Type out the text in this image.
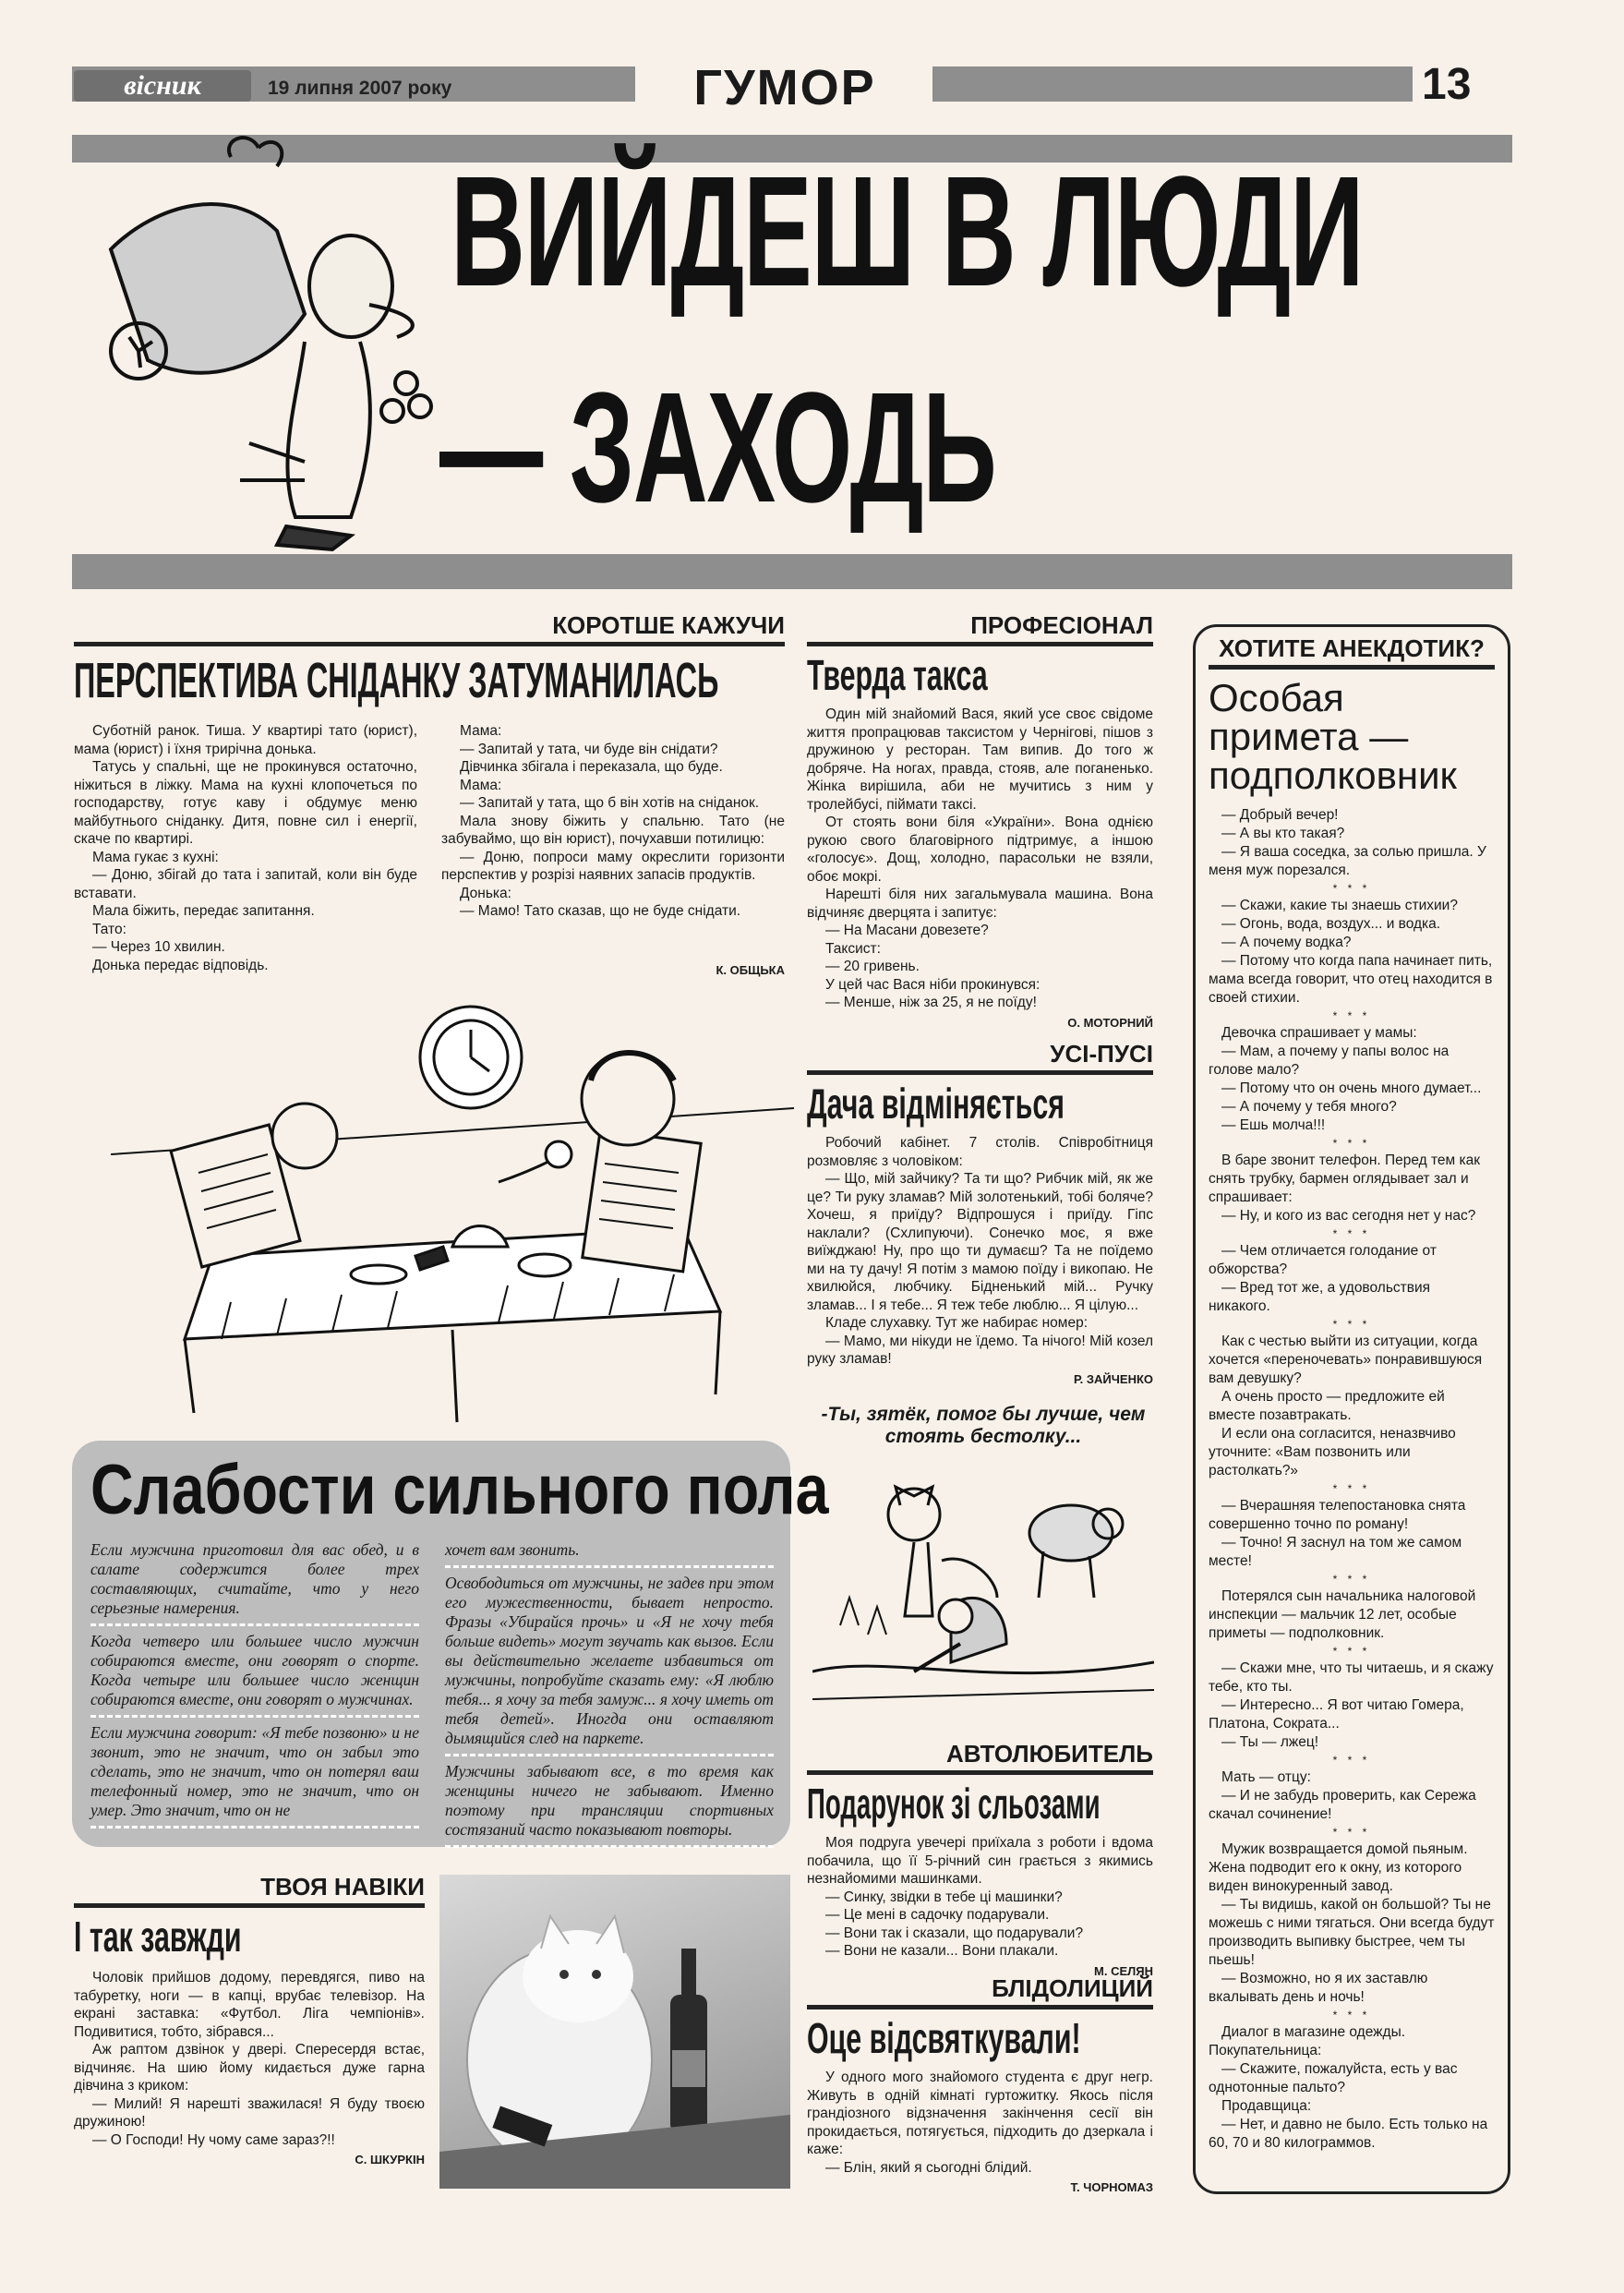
вісник	19 липня 2007 року	ГУМОР	13
ВИЙДЕШ В ЛЮДИ
— ЗАХОДЬ
КОРОТШЕ КАЖУЧИ
ПЕРСПЕКТИВА СНІДАНКУ ЗАТУМАНИЛАСЬ

Суботній ранок. Тиша. У квартирі тато (юрист), мама (юрист) і їхня трирічна донька.

Татусь у спальні, ще не прокинувся остаточно, ніжиться в ліжку. Мама на кухні клопочеться по господарству, готує каву і обдумує меню майбутнього сніданку. Дитя, повне сил і енергії, скаче по квартирі.

Мама гукає з кухні:

— Доню, збігай до тата і запитай, коли він буде вставати.

Мала біжить, передає запитання.

Тато:

— Через 10 хвилин.

Донька передає відповідь.

Мама:

— Запитай у тата, чи буде він снідати?

Дівчинка збігала і переказала, що буде.

Мама:

— Запитай у тата, що б він хотів на сніданок.

Мала знову біжить у спальню. Тато (не забуваймо, що він юрист), почухавши потилицю:

— Доню, попроси маму окреслити горизонти перспектив у розрізі наявних запасів продуктів.

Донька:

— Мамо! Тато сказав, що не буде снідати.

К. ОБЩЬКА
Слабости сильного пола

Если мужчина приготовил для вас обед, и в салате содержится более трех составляющих, считайте, что у него серьезные намерения.

Когда четверо или большее число мужчин собираются вместе, они говорят о спорте. Когда четыре или большее число женщин собираются вместе, они говорят о мужчинах.

Если мужчина говорит: «Я тебе позвоню» и не звонит, это не значит, что он забыл это сделать, это не значит, что он потерял ваш телефонный номер, это не значит, что он умер. Это значит, что он не

хочет вам звонить.

Освободиться от мужчины, не задев при этом его мужественности, бывает непросто. Фразы «Убирайся прочь» и «Я не хочу тебя больше видеть» могут звучать как вызов. Если вы действительно желаете избавиться от мужчины, попробуйте сказать ему: «Я люблю тебя... я хочу за тебя замуж... я хочу иметь от тебя детей». Иногда они оставляют дымящийся след на паркете.

Мужчины забывают все, в то время как женщины ничего не забывают. Именно поэтому при трансляции спортивных состязаний часто показывают повторы.

ТВОЯ НАВІКИ
І так завжди

Чоловік прийшов додому, перевдягся, пиво на табуретку, ноги — в капці, врубає телевізор. На екрані заставка: «Футбол. Ліга чемпіонів». Подивитися, тобто, зібрався...

Аж раптом дзвінок у двері. Спересердя встає, відчиняє. На шию йому кидається дуже гарна дівчина з криком:

— Милий! Я нарешті зважилася! Я буду твоєю дружиною!

— О Господи! Ну чому саме зараз?!!

С. ШКУРКІН
ПРОФЕСІОНАЛ
Тверда такса

Один мій знайомий Вася, який усе своє свідоме життя пропрацював таксистом у Чернігові, пішов з дружиною у ресторан. Там випив. До того ж добряче. На ногах, правда, стояв, але поганенько. Жінка вирішила, аби не мучитись з ним у тролейбусі, піймати таксі.

От стоять вони біля «України». Вона однією рукою свого благовірного підтримує, а іншою «голосує». Дощ, холодно, парасольки не взяли, обоє мокрі.

Нарешті біля них загальмувала машина. Вона відчиняє дверцята і запитує:

— На Масани довезете?

Таксист:

— 20 гривень.

У цей час Вася ніби прокинувся:

— Менше, ніж за 25, я не поїду!

О. МОТОРНИЙ
УСІ-ПУСІ
Дача відміняється

Робочий кабінет. 7 столів. Співробітниця розмовляє з чоловіком:

— Що, мій зайчику? Та ти що? Рибчик мій, як же це? Ти руку зламав? Мій золотенький, тобі боляче? Хочеш, я приїду? Відпрошуся і приїду. Гіпс наклали? (Схлипуючи). Сонечко моє, я вже виїжджаю! Ну, про що ти думаєш? Та не поїдемо ми на ту дачу! Я потім з мамою поїду і викопаю. Не хвилюйся, любчику. Бідненький мій... Ручку зламав... І я тебе... Я теж тебе люблю... Я цілую...

Кладе слухавку. Тут же набирає номер:

— Мамо, ми нікуди не їдемо. Та нічого! Мій козел руку зламав!

Р. ЗАЙЧЕНКО
-Ты, зятёк, помог бы лучше, чем стоять бестолку...
АВТОЛЮБИТЕЛЬ
Подарунок зі сльозами

Моя подруга увечері приїхала з роботи і вдома побачила, що її 5-річний син грається з якимись незнайомими машинками.

— Синку, звідки в тебе ці машинки?

— Це мені в садочку подарували.

— Вони так і сказали, що подарували?

— Вони не казали... Вони плакали.

М. СЕЛЯН
БЛІДОЛИЦИЙ
Оце відсвяткували!

У одного мого знайомого студента є друг негр. Живуть в одній кімнаті гуртожитку. Якось після грандіозного відзначення закінчення сесії він прокидається, потягується, підходить до дзеркала і каже:

— Блін, який я сьогодні блідий.

Т. ЧОРНОМАЗ
ХОТИТЕ АНЕКДОТИК?
Особая примета — подполковник

— Добрый вечер!

— А вы кто такая?

— Я ваша соседка, за солью пришла. У меня муж порезался.

* * *

— Скажи, какие ты знаешь стихии?

— Огонь, вода, воздух... и водка.

— А почему водка?

— Потому что когда папа начинает пить, мама всегда говорит, что отец находится в своей стихии.

* * *

Девочка спрашивает у мамы:

— Мам, а почему у папы волос на голове мало?

— Потому что он очень много думает...

— А почему у тебя много?

— Ешь молча!!!

* * *

В баре звонит телефон. Перед тем как снять трубку, бармен оглядывает зал и спрашивает:

— Ну, и кого из вас сегодня нет у нас?

* * *

— Чем отличается голодание от обжорства?

— Вред тот же, а удовольствия никакого.

* * *

Как с честью выйти из ситуации, когда хочется «переночевать» понравившуюся вам девушку?

А очень просто — предложите ей вместе позавтракать.

И если она согласится, неназвчиво уточните: «Вам позвонить или растолкать?»

* * *

— Вчерашняя телепостановка снята совершенно точно по роману!

— Точно! Я заснул на том же самом месте!

* * *

Потерялся сын начальника налоговой инспекции — мальчик 12 лет, особые приметы — подполковник.

* * *

— Скажи мне, что ты читаешь, и я скажу тебе, кто ты.

— Интересно... Я вот читаю Гомера, Платона, Сократа...

— Ты — лжец!

* * *

Мать — отцу:

— И не забудь проверить, как Сережа скачал сочинение!

* * *

Мужик возвращается домой пьяным. Жена подводит его к окну, из которого виден винокуренный завод.

— Ты видишь, какой он большой? Ты не можешь с ними тягаться. Они всегда будут производить выпивку быстрее, чем ты пьешь!

— Возможно, но я их заставлю вкалывать день и ночь!

* * *

Диалог в магазине одежды. Покупательница:

— Скажите, пожалуйста, есть у вас однотонные пальто?

Продавщица:

— Нет, и давно не было. Есть только на 60, 70 и 80 килограммов.
